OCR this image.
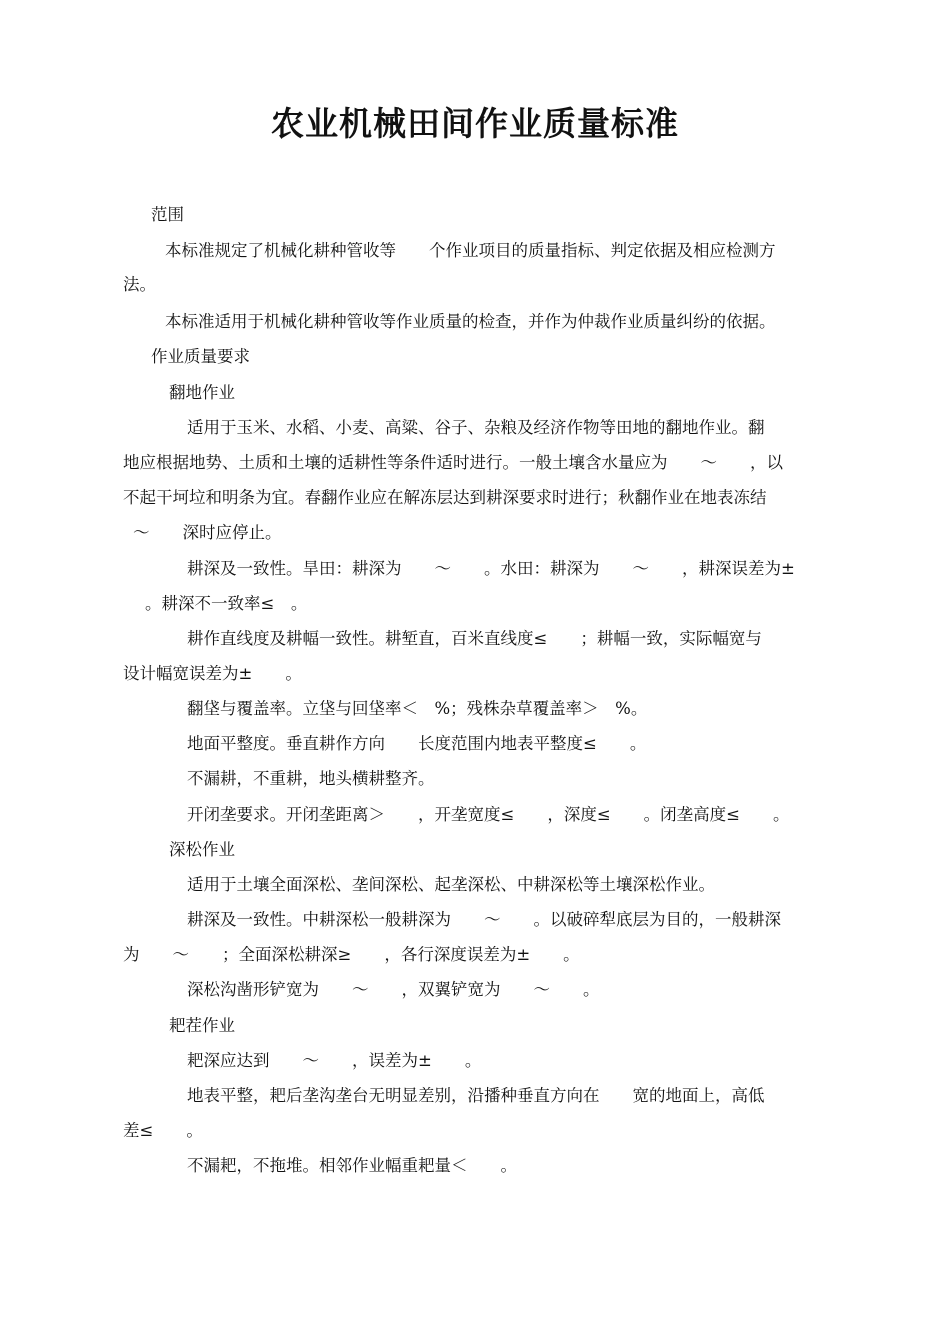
农业机械田间作业质量标准
范围
本标准规定了机械化耕种管收等　　个作业项目的质量指标、判定依据及相应检测方
法。
本标准适用于机械化耕种管收等作业质量的检查，并作为仲裁作业质量纠纷的依据。
作业质量要求
翻地作业
适用于玉米、水稻、小麦、高粱、谷子、杂粮及经济作物等田地的翻地作业。翻
地应根据地势、土质和土壤的适耕性等条件适时进行。一般土壤含水量应为　　～　　，以
不起干坷垃和明条为宜。春翻作业应在解冻层达到耕深要求时进行；秋翻作业在地表冻结
～　　深时应停止。
耕深及一致性。旱田：耕深为　　～　　。水田：耕深为　　～　　，耕深误差为±
。耕深不一致率≤　。
耕作直线度及耕幅一致性。耕堑直，百米直线度≤　　；耕幅一致，实际幅宽与
设计幅宽误差为±　　。
翻垡与覆盖率。立垡与回垡率＜　%；残株杂草覆盖率＞　%。
地面平整度。垂直耕作方向　　长度范围内地表平整度≤　　。
不漏耕，不重耕，地头横耕整齐。
开闭垄要求。开闭垄距离＞　　，开垄宽度≤　　，深度≤　　。闭垄高度≤　　。
深松作业
适用于土壤全面深松、垄间深松、起垄深松、中耕深松等土壤深松作业。
耕深及一致性。中耕深松一般耕深为　　～　　。以破碎犁底层为目的，一般耕深
为　　～　　；全面深松耕深≥　　，各行深度误差为±　　。
深松沟凿形铲宽为　　～　　，双翼铲宽为　　～　　。
耙茬作业
耙深应达到　　～　　，误差为±　　。
地表平整，耙后垄沟垄台无明显差别，沿播种垂直方向在　　宽的地面上，高低
差≤　　。
不漏耙，不拖堆。相邻作业幅重耙量＜　　。
